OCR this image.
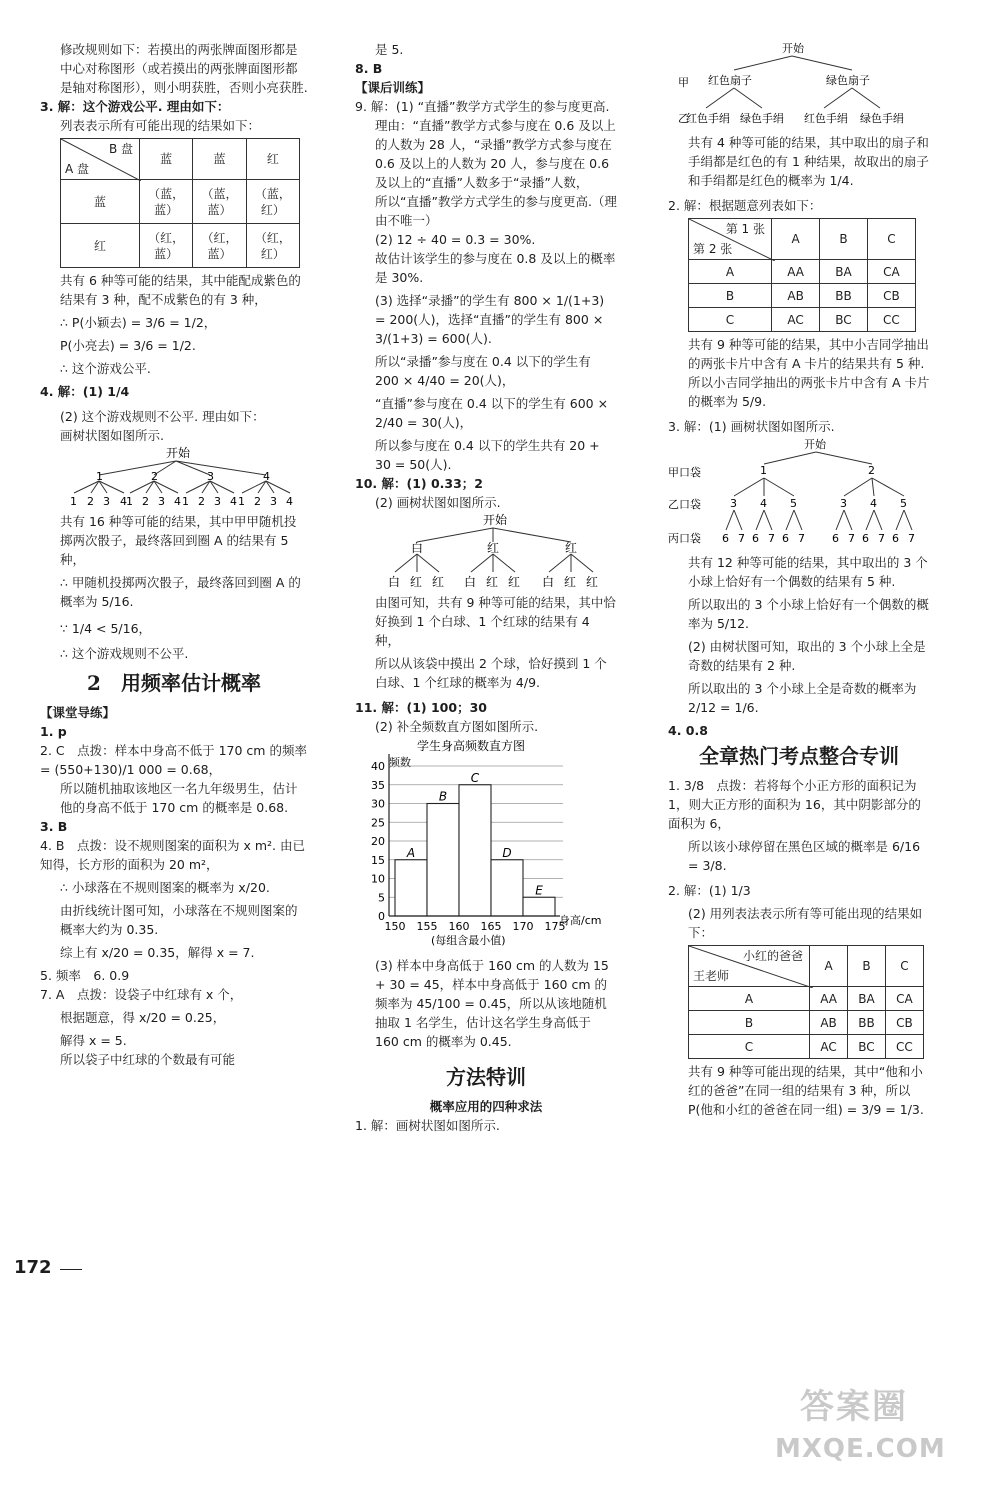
修改规则如下：若摸出的两张牌面图形都是中心对称图形（或若摸出的两张牌面图形都是轴对称图形），则小明获胜，否则小亮获胜.

3. 解：这个游戏公平. 理由如下：

列表表示所有可能出现的结果如下：

B 盘
A 盘	蓝	蓝	红
蓝	（蓝，蓝）	（蓝，蓝）	（蓝，红）
红	（红，蓝）	（红，蓝）	（红，红）

共有 6 种等可能的结果，其中能配成紫色的结果有 3 种，配不成紫色的有 3 种，

∴ P(小颖去) = 3/6 = 1/2，

P(小亮去) = 3/6 = 1/2.

∴ 这个游戏公平.

4. 解：(1) 1/4

(2) 这个游戏规则不公平. 理由如下：

画树状图如图所示.

开始
1	2	3	4
1 2 3 4 1 2 3 4 1 2 3 4 1 2 3 4

共有 16 种等可能的结果，其中甲甲随机投掷两次骰子，最终落回到圈 A 的结果有 5 种，

∴ 甲随机投掷两次骰子，最终落回到圈 A 的概率为 5/16.

∵ 1/4 < 5/16，

∴ 这个游戏规则不公平.

2　用频率估计概率

【课堂导练】

1. p

2. C　点拨：样本中身高不低于 170 cm 的频率 = (550+130)/1 000 = 0.68，

所以随机抽取该地区一名九年级男生，估计他的身高不低于 170 cm 的概率是 0.68.

3. B

4. B　点拨：设不规则图案的面积为 x m². 由已知得，长方形的面积为 20 m²，

∴ 小球落在不规则图案的概率为 x/20.

由折线统计图可知，小球落在不规则图案的概率大约为 0.35.

综上有 x/20 = 0.35，解得 x = 7.

5. 频率　6. 0.9

7. A　点拨：设袋子中红球有 x 个，

根据题意，得 x/20 = 0.25，

解得 x = 5.

所以袋子中红球的个数最有可能

是 5.

8. B

【课后训练】

9. 解：(1) “直播”教学方式学生的参与度更高.

理由：“直播”教学方式参与度在 0.6 及以上的人数为 28 人，“录播”教学方式参与度在 0.6 及以上的人数为 20 人，参与度在 0.6 及以上的“直播”人数多于“录播”人数，

所以“直播”教学方式学生的参与度更高.（理由不唯一）

(2) 12 ÷ 40 = 0.3 = 30%.

故估计该学生的参与度在 0.8 及以上的概率是 30%.

(3) 选择“录播”的学生有 800 × 1/(1+3) = 200(人)，选择“直播”的学生有 800 × 3/(1+3) = 600(人).

所以“录播”参与度在 0.4 以下的学生有 200 × 4/40 = 20(人)，

“直播”参与度在 0.4 以下的学生有 600 × 2/40 = 30(人)，

所以参与度在 0.4 以下的学生共有 20 + 30 = 50(人).

10. 解：(1) 0.33；2

(2) 画树状图如图所示.

开始
白	红	红
白 红 红 白 红 红 白 红 红

由图可知，共有 9 种等可能的结果，其中恰好换到 1 个白球、1 个红球的结果有 4 种，

所以从该袋中摸出 2 个球，恰好摸到 1 个白球、1 个红球的概率为 4/9.

11. 解：(1) 100；30

(2) 补全频数直方图如图所示.

学生身高频数直方图
频数
身高/cm
(每组含最小值)
A
B
C
D
E
0
5
10
15
20
25
30
35
40
150 155 160 165 170 175

(3) 样本中身高低于 160 cm 的人数为 15 + 30 = 45，样本中身高低于 160 cm 的频率为 45/100 = 0.45，所以从该地随机抽取 1 名学生，估计这名学生身高低于 160 cm 的概率为 0.45.

方法特训

概率应用的四种求法

1. 解：画树状图如图所示.

开始
甲 红色扇子	绿色扇子
乙
红色手绢 绿色手绢 红色手绢 绿色手绢

共有 4 种等可能的结果，其中取出的扇子和手绢都是红色的有 1 种结果，故取出的扇子和手绢都是红色的概率为 1/4.

2. 解：根据题意列表如下：

第 1 张
第 2 张	A	B	C
A	AA	BA	CA
B	AB	BB	CB
C	AC	BC	CC

共有 9 种等可能的结果，其中小吉同学抽出的两张卡片中含有 A 卡片的结果共有 5 种.

所以小吉同学抽出的两张卡片中含有 A 卡片的概率为 5/9.

3. 解：(1) 画树状图如图所示.

开始
甲口袋
乙口袋
丙口袋
1	2
3 4 5	3 4 5
6 7 6 7 6 7 6 7 6 7 6 7

共有 12 种等可能的结果，其中取出的 3 个小球上恰好有一个偶数的结果有 5 种.

所以取出的 3 个小球上恰好有一个偶数的概率为 5/12.

(2) 由树状图可知，取出的 3 个小球上全是奇数的结果有 2 种.

所以取出的 3 个小球上全是奇数的概率为 2/12 = 1/6.

4. 0.8

全章热门考点整合专训

1. 3/8　点拨：若将每个小正方形的面积记为 1，则大正方形的面积为 16，其中阴影部分的面积为 6，

所以该小球停留在黑色区域的概率是 6/16 = 3/8.

2. 解：(1) 1/3

(2) 用列表法表示所有等可能出现的结果如下：

小红的爸爸
王老师	A	B	C
A	AA	BA	CA
B	AB	BB	CB
C	AC	BC	CC

共有 9 种等可能出现的结果，其中“他和小红的爸爸”在同一组的结果有 3 种，所以 P(他和小红的爸爸在同一组) = 3/9 = 1/3.

172
答案圈
MXQE.COM
